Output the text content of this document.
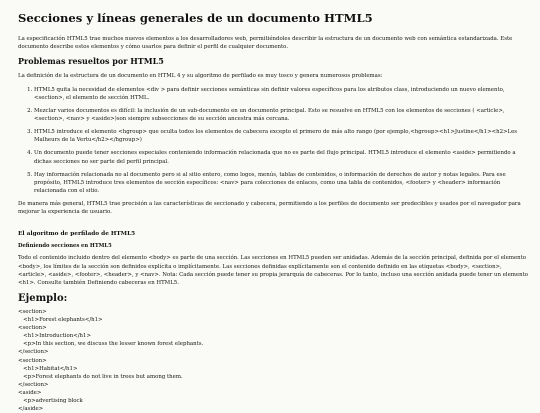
Secciones y líneas generales de un documento HTML5

La especificación HTML5 trae muchos nuevos elementos a los desarrolladores web, permitiéndoles describir la estructura de un documento web con semántica estandarizada. Este documento describe estos elementos y cómo usarlos para definir el perfil de cualquier documento.

Problemas resueltos por HTML5

La definición de la estructura de un documento en HTML 4 y su algoritmo de perfilado es muy tosco y genera numerosos problemas:

1. HTML5 quita la necesidad de elementos <div > para definir secciones semánticas sin definir valores específicos para los atributos class, introduciendo un nuevo elemento, <section>, el elemento de sección HTML.
2. Mezclar varios documentos es difícil: la inclusión de un sub-documento en un documento principal. Esto se resuelve en HTML5 con los elementos de secciones ( <article>, <section>, <nav> y <aside>)son siempre subsecciones de su sección ancestra más cercana.
3. HTML5 introduce el elemento <hgroup> que oculta todos los elementos de cabecera excepto el primero de más alto rango (por ejemplo,<hgroup><h1>Justine</h1><h2>Les Malheurs de la Vertu</h2></hgroup>)
4. Un documento puede tener secciones especiales conteniendo información relacionada que no es parte del flujo principal. HTML5 introduce el elemento <aside> permitiendo a dichas secciones no ser parte del perfil principal.
5. Hay información relacionada no al documento pero si al sitio entero, como logos, menús, tablas de contenidos, o información de derechos de autor y notas legales. Para ese propósito, HTML5 introduce tres elementos de sección específicos: <nav> para colecciones de enlaces, como una tabla de contenidos, <footer> y <header> información relacionada con el sitio.

De manera más general, HTML5 trae precisión a las características de seccionado y cabecera, permitiendo a los perfiles de documento ser predecibles y usados por el navegador para mejorar la experiencia de usuario.

El algoritmo de perfilado de HTML5
Definiendo secciones en HTML5

Todo el contenido incluido dentro del elemento <body> es parte de una sección. Las secciones en HTML5 pueden ser anidadas. Además de la sección principal, definida por el elemento <body>, los límites de la sección son definidos explícita o implícitamente. Las secciones definidas explícitamente son el contenido definido en las etiquetas <body>, <section>, <article>, <aside>, <footer>, <header>, y <nav>. Nota: Cada sección puede tener su propia jerarquía de cabeceras. Por lo tanto, incluso una sección anidada puede tener un elemento <h1>. Consulte también Definiendo cabeceras en HTML5.

Ejemplo:
<section>
<h1>Forest elephants</h1>
<section>
<h1>Introduction</h1>
<p>In this section, we discuss the lesser known forest elephants.
</section>
<section>
<h1>Habitat</h1>
<p>Forest elephants do not live in trees but among them.
</section>
<aside>
<p>advertising block
</aside>
